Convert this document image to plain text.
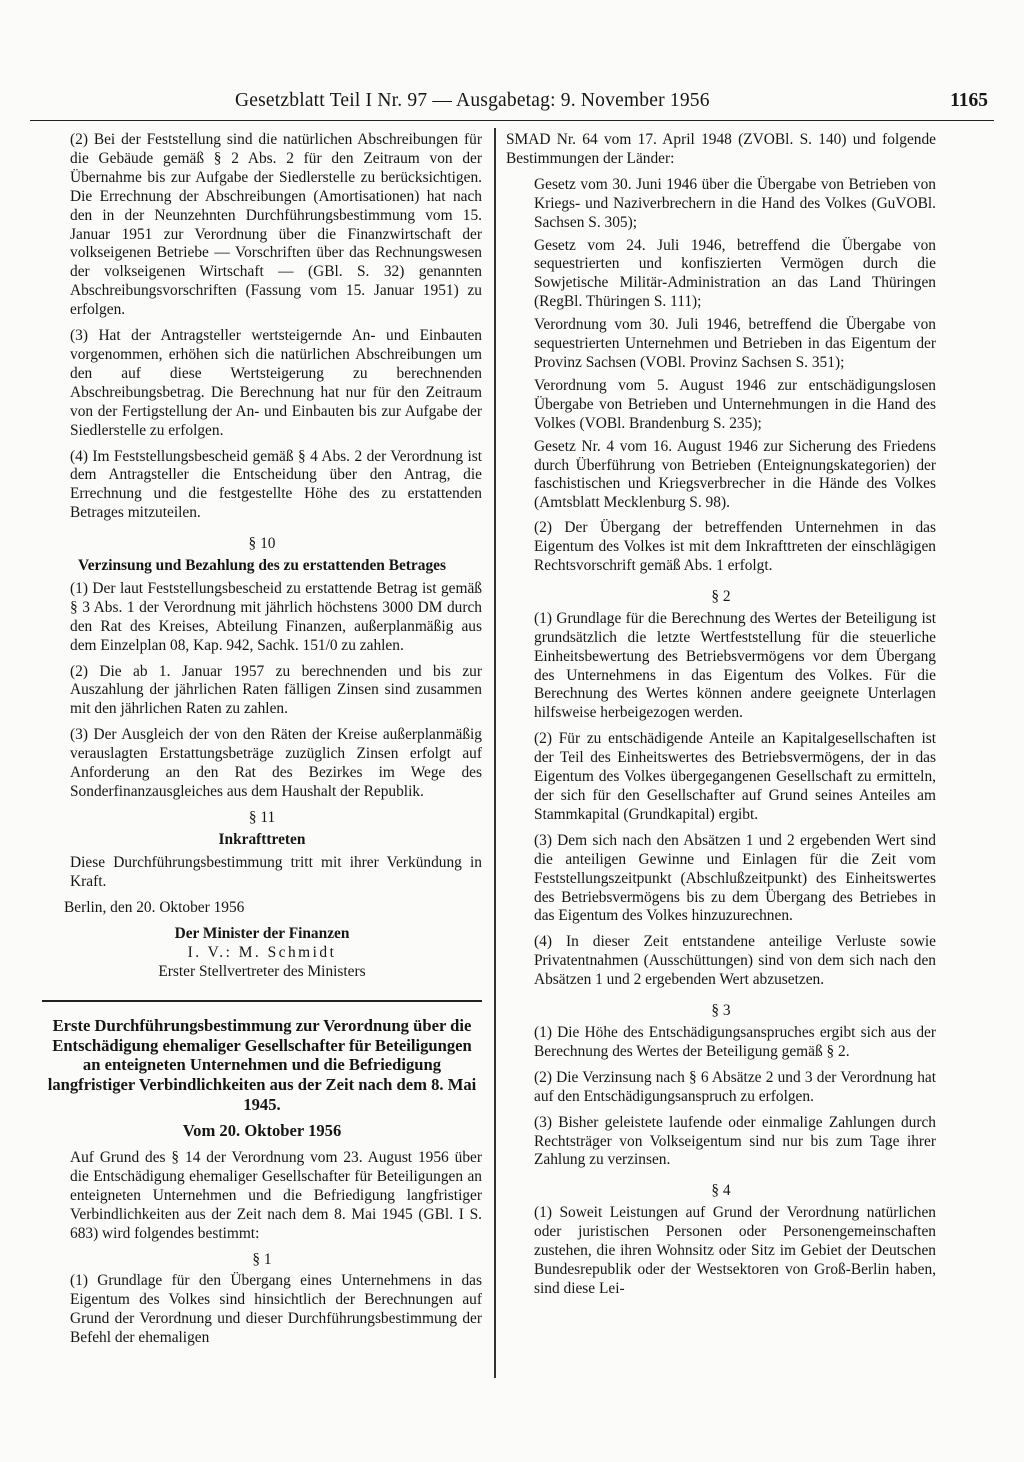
Gesetzblatt Teil I Nr. 97 — Ausgabetag: 9. November 1956	1165

(2) Bei der Feststellung sind die natürlichen Abschreibungen für die Gebäude gemäß § 2 Abs. 2 für den Zeitraum von der Übernahme bis zur Aufgabe der Siedlerstelle zu berücksichtigen. Die Errechnung der Abschreibungen (Amortisationen) hat nach den in der Neunzehnten Durchführungsbestimmung vom 15. Januar 1951 zur Verordnung über die Finanzwirtschaft der volkseigenen Betriebe — Vorschriften über das Rechnungswesen der volkseigenen Wirtschaft — (GBl. S. 32) genannten Abschreibungsvorschriften (Fassung vom 15. Januar 1951) zu erfolgen.

(3) Hat der Antragsteller wertsteigernde An- und Einbauten vorgenommen, erhöhen sich die natürlichen Abschreibungen um den auf diese Wertsteigerung zu berechnenden Abschreibungsbetrag. Die Berechnung hat nur für den Zeitraum von der Fertigstellung der An- und Einbauten bis zur Aufgabe der Siedlerstelle zu erfolgen.

(4) Im Feststellungsbescheid gemäß § 4 Abs. 2 der Verordnung ist dem Antragsteller die Entscheidung über den Antrag, die Errechnung und die festgestellte Höhe des zu erstattenden Betrages mitzuteilen.

§ 10
Verzinsung und Bezahlung des zu erstattenden Betrages

(1) Der laut Feststellungsbescheid zu erstattende Betrag ist gemäß § 3 Abs. 1 der Verordnung mit jährlich höchstens 3000 DM durch den Rat des Kreises, Abteilung Finanzen, außerplanmäßig aus dem Einzelplan 08, Kap. 942, Sachk. 151/0 zu zahlen.

(2) Die ab 1. Januar 1957 zu berechnenden und bis zur Auszahlung der jährlichen Raten fälligen Zinsen sind zusammen mit den jährlichen Raten zu zahlen.

(3) Der Ausgleich der von den Räten der Kreise außerplanmäßig verauslagten Erstattungsbeträge zuzüglich Zinsen erfolgt auf Anforderung an den Rat des Bezirkes im Wege des Sonderfinanzausgleiches aus dem Haushalt der Republik.

§ 11
Inkrafttreten

Diese Durchführungsbestimmung tritt mit ihrer Verkündung in Kraft.

Berlin, den 20. Oktober 1956

Der Minister der Finanzen

I. V.: M. Schmidt

Erster Stellvertreter des Ministers

Erste Durchführungsbestimmung zur Verordnung über die Entschädigung ehemaliger Gesellschafter für Beteiligungen an enteigneten Unternehmen und die Befriedigung langfristiger Verbindlichkeiten aus der Zeit nach dem 8. Mai 1945.

Vom 20. Oktober 1956

Auf Grund des § 14 der Verordnung vom 23. August 1956 über die Entschädigung ehemaliger Gesellschafter für Beteiligungen an enteigneten Unternehmen und die Befriedigung langfristiger Verbindlichkeiten aus der Zeit nach dem 8. Mai 1945 (GBl. I S. 683) wird folgendes bestimmt:

§ 1

(1) Grundlage für den Übergang eines Unternehmens in das Eigentum des Volkes sind hinsichtlich der Berechnungen auf Grund der Verordnung und dieser Durchführungsbestimmung der Befehl der ehemaligen

SMAD Nr. 64 vom 17. April 1948 (ZVOBl. S. 140) und folgende Bestimmungen der Länder:

Gesetz vom 30. Juni 1946 über die Übergabe von Betrieben von Kriegs- und Naziverbrechern in die Hand des Volkes (GuVOBl. Sachsen S. 305);
Gesetz vom 24. Juli 1946, betreffend die Übergabe von sequestrierten und konfiszierten Vermögen durch die Sowjetische Militär-Administration an das Land Thüringen (RegBl. Thüringen S. 111);
Verordnung vom 30. Juli 1946, betreffend die Übergabe von sequestrierten Unternehmen und Betrieben in das Eigentum der Provinz Sachsen (VOBl. Provinz Sachsen S. 351);
Verordnung vom 5. August 1946 zur entschädigungslosen Übergabe von Betrieben und Unternehmungen in die Hand des Volkes (VOBl. Brandenburg S. 235);
Gesetz Nr. 4 vom 16. August 1946 zur Sicherung des Friedens durch Überführung von Betrieben (Enteignungskategorien) der faschistischen und Kriegsverbrecher in die Hände des Volkes (Amtsblatt Mecklenburg S. 98).

(2) Der Übergang der betreffenden Unternehmen in das Eigentum des Volkes ist mit dem Inkrafttreten der einschlägigen Rechtsvorschrift gemäß Abs. 1 erfolgt.

§ 2

(1) Grundlage für die Berechnung des Wertes der Beteiligung ist grundsätzlich die letzte Wertfeststellung für die steuerliche Einheitsbewertung des Betriebsvermögens vor dem Übergang des Unternehmens in das Eigentum des Volkes. Für die Berechnung des Wertes können andere geeignete Unterlagen hilfsweise herbeigezogen werden.

(2) Für zu entschädigende Anteile an Kapitalgesellschaften ist der Teil des Einheitswertes des Betriebsvermögens, der in das Eigentum des Volkes übergegangenen Gesellschaft zu ermitteln, der sich für den Gesellschafter auf Grund seines Anteiles am Stammkapital (Grundkapital) ergibt.

(3) Dem sich nach den Absätzen 1 und 2 ergebenden Wert sind die anteiligen Gewinne und Einlagen für die Zeit vom Feststellungszeitpunkt (Abschlußzeitpunkt) des Einheitswertes des Betriebsvermögens bis zu dem Übergang des Betriebes in das Eigentum des Volkes hinzuzurechnen.

(4) In dieser Zeit entstandene anteilige Verluste sowie Privatentnahmen (Ausschüttungen) sind von dem sich nach den Absätzen 1 und 2 ergebenden Wert abzusetzen.

§ 3

(1) Die Höhe des Entschädigungsanspruches ergibt sich aus der Berechnung des Wertes der Beteiligung gemäß § 2.

(2) Die Verzinsung nach § 6 Absätze 2 und 3 der Verordnung hat auf den Entschädigungsanspruch zu erfolgen.

(3) Bisher geleistete laufende oder einmalige Zahlungen durch Rechtsträger von Volkseigentum sind nur bis zum Tage ihrer Zahlung zu verzinsen.

§ 4

(1) Soweit Leistungen auf Grund der Verordnung natürlichen oder juristischen Personen oder Personengemeinschaften zustehen, die ihren Wohnsitz oder Sitz im Gebiet der Deutschen Bundesrepublik oder der Westsektoren von Groß-Berlin haben, sind diese Lei-
